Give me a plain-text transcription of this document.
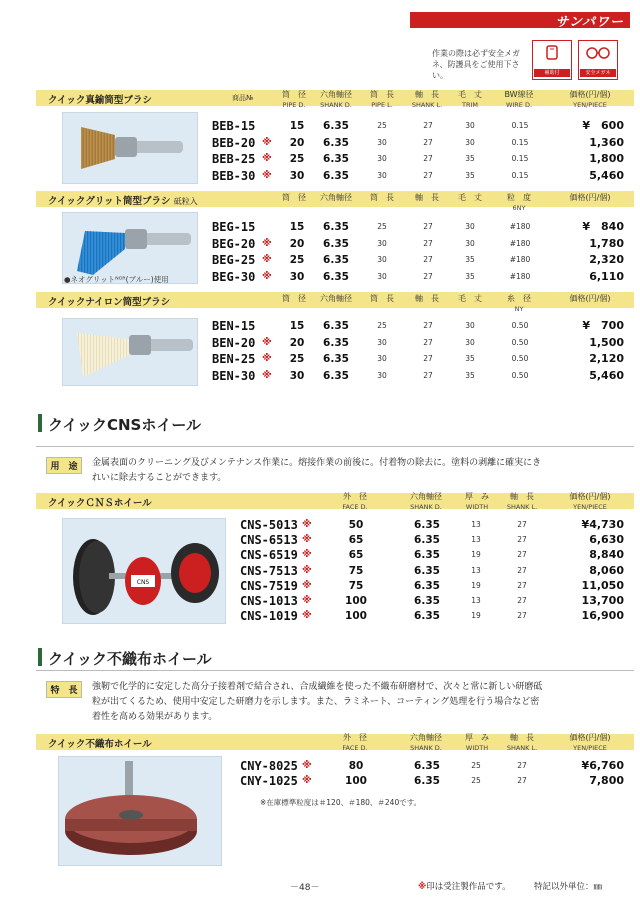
サンパワー
作業の際は必ず安全メガネ、防護具をご使用下さい。	補助付	安全メガネ
クイック真鍮筒型ブラシ	商品№	筒　径
PIPE D.
六角軸径
SHANK D.
筒　長
PIPE L.
軸　長
SHANK L.
毛　丈
TRIM
BW線径
WIRE D.
価格(円/個)
YEN/PIECE
BEB-15	15	6.35	25	27	30	0.15	¥　600
BEB-20 ※	20	6.35	30	27	30	0.15	1,360
BEB-25 ※	25	6.35	30	27	35	0.15	1,800
BEB-30 ※	30	6.35	30	27	35	0.15	5,460
クイックグリット筒型ブラシ 砥粒入	筒　径	六角軸径	筒　長	軸　長	毛　丈	粒　度
6NY
価格(円/個)
●ネオグリットᴺᴳᴿ(ブルー)使用
BEG-15	15	6.35	25	27	30	#180	¥　840
BEG-20 ※	20	6.35	30	27	30	#180	1,780
BEG-25 ※	25	6.35	30	27	35	#180	2,320
BEG-30 ※	30	6.35	30	27	35	#180	6,110
クイックナイロン筒型ブラシ	筒　径	六角軸径	筒　長	軸　長	毛　丈	糸　径
NY
価格(円/個)
BEN-15	15	6.35	25	27	30	0.50	¥　700
BEN-20 ※	20	6.35	30	27	30	0.50	1,500
BEN-25 ※	25	6.35	30	27	35	0.50	2,120
BEN-30 ※	30	6.35	30	27	35	0.50	5,460
クイックCNSホイール
用　途	金属表面のクリーニング及びメンテナンス作業に。熔接作業の前後に。付着物の除去に。塗料の剥離に確実にき
れいに除去することができます。
クイックＣＮＳホイール
外　径
FACE D.
六角軸径
SHANK D.
厚　み
WIDTH
軸　長
SHANK L.
価格(円/個)
YEN/PIECE
CNS
CNS-5013 ※	50	6.35	13	27	¥4,730
CNS-6513 ※	65	6.35	13	27	6,630
CNS-6519 ※	65	6.35	19	27	8,840
CNS-7513 ※	75	6.35	13	27	8,060
CNS-7519 ※	75	6.35	19	27	11,050
CNS-1013 ※	100	6.35	13	27	13,700
CNS-1019 ※	100	6.35	19	27	16,900
クイック不織布ホイール
特　長	強靭で化学的に安定した高分子接着剤で結合され、合成繊維を使った不織布研磨材で、次々と常に新しい研磨砥
粒が出てくるため、使用中安定した研磨力を示します。また、ラミネート、コーティング処理を行う場合など密
着性を高める効果があります。
クイック不織布ホイール
外　径
FACE D.
六角軸径
SHANK D.
厚　み
WIDTH
軸　長
SHANK L.
価格(円/個)
YEN/PIECE
CNY-8025 ※	80	6.35	25	27	¥6,760
CNY-1025 ※	100	6.35	25	27	7,800
※在庫標準粒度は＃120、＃180、＃240です。
－48－	※印は受注製作品です。	特記以外単位：㎜
